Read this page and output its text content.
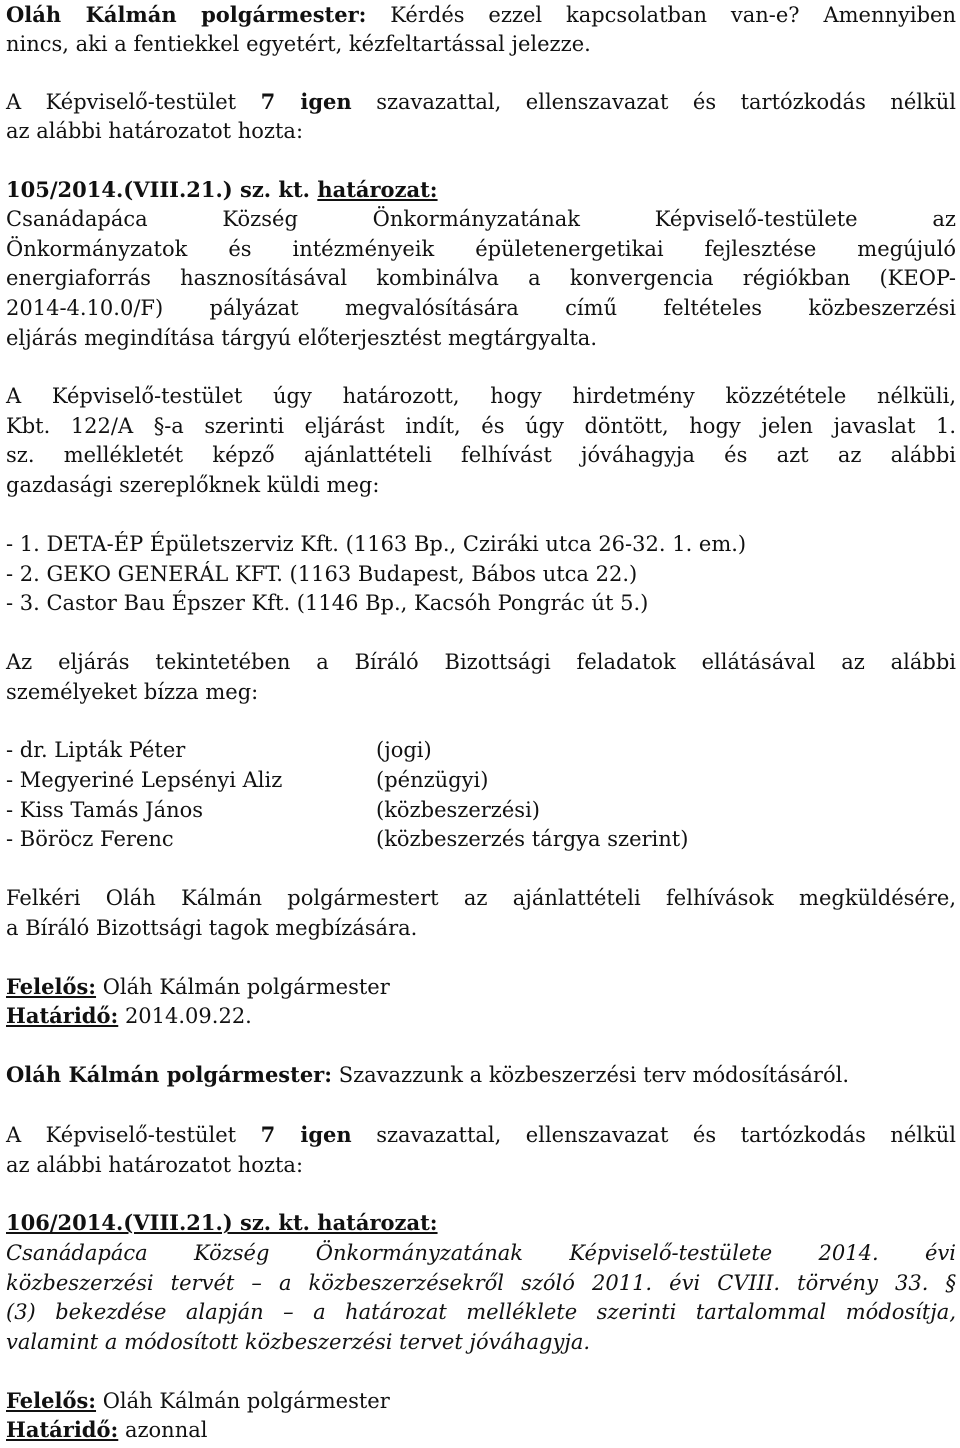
Oláh Kálmán polgármester: Kérdés ezzel kapcsolatban van-e? Amennyiben
nincs, aki a fentiekkel egyetért, kézfeltartással jelezze.
A Képviselő-testület 7 igen szavazattal, ellenszavazat és tartózkodás nélkül
az alábbi határozatot hozta:
105/2014.(VIII.21.) sz. kt. határozat:
Csanádapáca Község Önkormányzatának Képviselő-testülete az
Önkormányzatok és intézményeik épületenergetikai fejlesztése megújuló
energiaforrás hasznosításával kombinálva a konvergencia régiókban (KEOP-
2014-4.10.0/F) pályázat megvalósítására című feltételes közbeszerzési
eljárás megindítása tárgyú előterjesztést megtárgyalta.
A Képviselő-testület úgy határozott, hogy hirdetmény közzététele nélküli,
Kbt. 122/A §-a szerinti eljárást indít, és úgy döntött, hogy jelen javaslat 1.
sz. mellékletét képző ajánlattételi felhívást jóváhagyja és azt az alábbi
gazdasági szereplőknek küldi meg:
- 1. DETA-ÉP Épületszerviz Kft. (1163 Bp., Cziráki utca 26-32. 1. em.)
- 2. GEKO GENERÁL KFT. (1163 Budapest, Bábos utca 22.)
- 3. Castor Bau Épszer Kft. (1146 Bp., Kacsóh Pongrác út 5.)
Az eljárás tekintetében a Bíráló Bizottsági feladatok ellátásával az alábbi
személyeket bízza meg:
- dr. Lipták Péter	(jogi)
- Megyeriné Lepsényi Aliz	(pénzügyi)
- Kiss Tamás János	(közbeszerzési)
- Böröcz Ferenc	(közbeszerzés tárgya szerint)
Felkéri Oláh Kálmán polgármestert az ajánlattételi felhívások megküldésére,
a Bíráló Bizottsági tagok megbízására.
Felelős: Oláh Kálmán polgármester
Határidő: 2014.09.22.
Oláh Kálmán polgármester: Szavazzunk a közbeszerzési terv módosításáról.
A Képviselő-testület 7 igen szavazattal, ellenszavazat és tartózkodás nélkül
az alábbi határozatot hozta:
106/2014.(VIII.21.) sz. kt. határozat:
Csanádapáca Község Önkormányzatának Képviselő-testülete 2014. évi
közbeszerzési tervét – a közbeszerzésekről szóló 2011. évi CVIII. törvény 33. §
(3) bekezdése alapján – a határozat melléklete szerinti tartalommal módosítja,
valamint a módosított közbeszerzési tervet jóváhagyja.
Felelős: Oláh Kálmán polgármester
Határidő: azonnal
